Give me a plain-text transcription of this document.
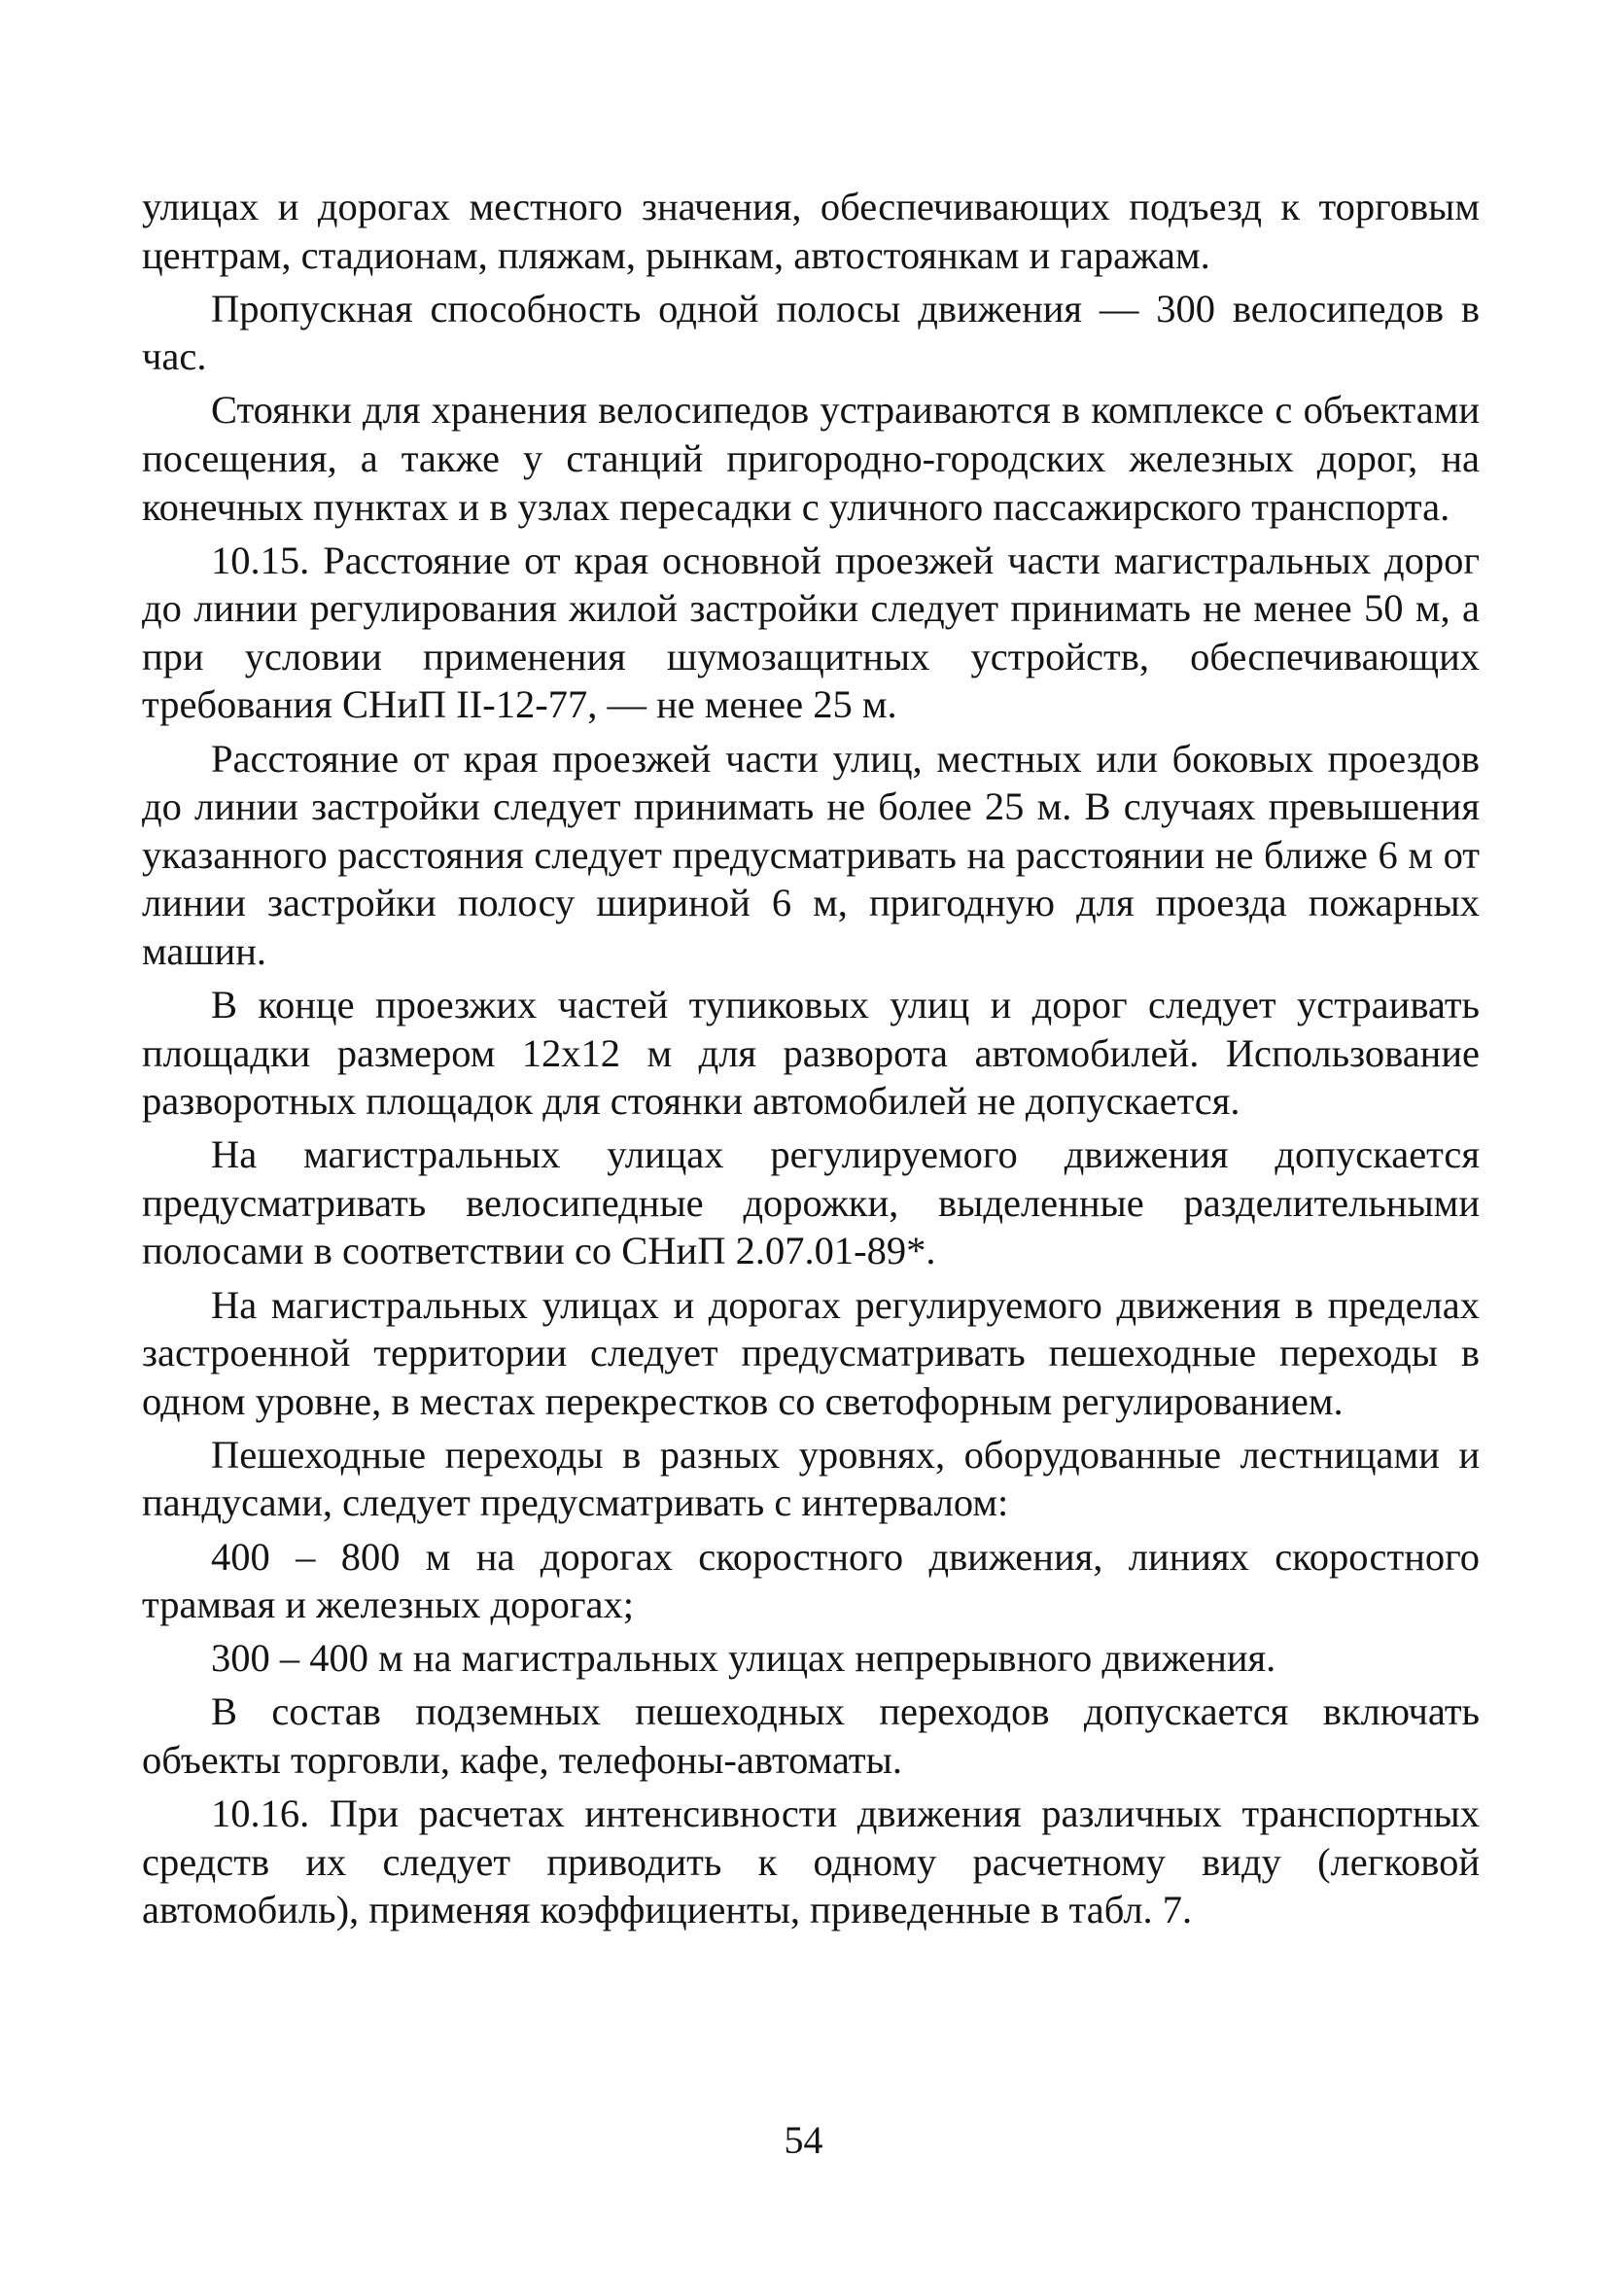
улицах и дорогах местного значения, обеспечивающих подъезд к торговым центрам, стадионам, пляжам, рынкам, автостоянкам и гаражам.

Пропускная способность одной полосы движения — 300 велосипедов в час.

Стоянки для хранения велосипедов устраиваются в комплексе с объектами посещения, а также у станций пригородно-городских железных дорог, на конечных пунктах и в узлах пересадки с уличного пассажирского транспорта.

10.15. Расстояние от края основной проезжей части магистральных дорог до линии регулирования жилой застройки следует принимать не менее 50 м, а при условии применения шумозащитных устройств, обеспечивающих требования СНиП II-12-77, — не менее 25 м.

Расстояние от края проезжей части улиц, местных или боковых проездов до линии застройки следует принимать не более 25 м. В случаях превышения указанного расстояния следует предусматривать на расстоянии не ближе 6 м от линии застройки полосу шириной 6 м, пригодную для проезда пожарных машин.

В конце проезжих частей тупиковых улиц и дорог следует устраивать площадки размером 12х12 м для разворота автомобилей. Использование разворотных площадок для стоянки автомобилей не допускается.

На магистральных улицах регулируемого движения допускается предусматривать велосипедные дорожки, выделенные разделительными полосами в соответствии со СНиП 2.07.01-89*.

На магистральных улицах и дорогах регулируемого движения в пределах застроенной территории следует предусматривать пешеходные переходы в одном уровне, в местах перекрестков со светофорным регулированием.

Пешеходные переходы в разных уровнях, оборудованные лестницами и пандусами, следует предусматривать с интервалом:

400 – 800 м на дорогах скоростного движения, линиях скоростного трамвая и железных дорогах;

300 – 400 м на магистральных улицах непрерывного движения.

В состав подземных пешеходных переходов допускается включать объекты торговли, кафе, телефоны-автоматы.

10.16. При расчетах интенсивности движения различных транспортных средств их следует приводить к одному расчетному виду (легковой автомобиль), применяя коэффициенты, приведенные в табл. 7.

54
